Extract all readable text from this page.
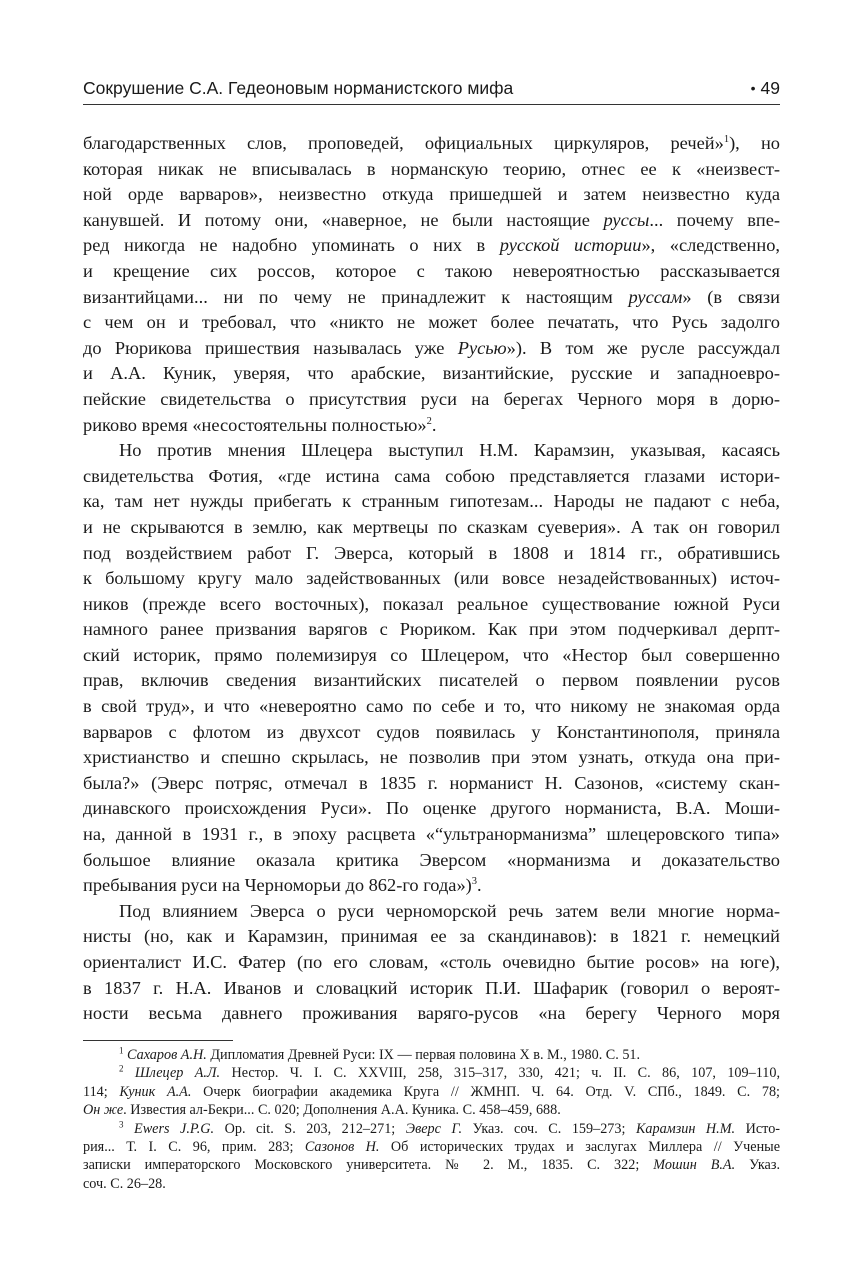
Сокрушение С.А. Гедеоновым норманистского мифа	• 49

благодарственных слов, проповедей, официальных циркуляров, речей»$^1$), но
которая никак не вписывалась в норманскую теорию, отнес ее к «неизвест-
ной орде варваров», неизвестно откуда пришедшей и затем неизвестно куда
канувшей. И потому они, «наверное, не были настоящие руссы... почему впе-
ред никогда не надобно упоминать о них в русской истории», «следственно,
и крещение сих россов, которое с такою невероятностью рассказывается
византийцами... ни по чему не принадлежит к настоящим руссам» (в связи
с чем он и требовал, что «никто не может более печатать, что Русь задолго
до Рюрикова пришествия называлась уже Русью»). В том же русле рассуждал
и А.А. Куник, уверяя, что арабские, византийские, русские и западноевро-
пейские свидетельства о присутствия руси на берегах Черного моря в дорю-
риково время «несостоятельны полностью»$^2$.

Но против мнения Шлецера выступил Н.М. Карамзин, указывая, касаясь
свидетельства Фотия, «где истина сама собою представляется глазами истори-
ка, там нет нужды прибегать к странным гипотезам... Народы не падают с неба,
и не скрываются в землю, как мертвецы по сказкам суеверия». А так он говорил
под воздействием работ Г. Эверса, который в 1808 и 1814 гг., обратившись
к большому кругу мало задействованных (или вовсе незадействованных) источ-
ников (прежде всего восточных), показал реальное существование южной Руси
намного ранее призвания варягов с Рюриком. Как при этом подчеркивал дерпт-
ский историк, прямо полемизируя со Шлецером, что «Нестор был совершенно
прав, включив сведения византийских писателей о первом появлении русов
в свой труд», и что «невероятно само по себе и то, что никому не знакомая орда
варваров с флотом из двухсот судов появилась у Константинополя, приняла
христианство и спешно скрылась, не позволив при этом узнать, откуда она при-
была?» (Эверс потряс, отмечал в 1835 г. норманист Н. Сазонов, «систему скан-
динавского происхождения Руси». По оценке другого норманиста, В.А. Моши-
на, данной в 1931 г., в эпоху расцвета «“ультранорманизма” шлецеровского типа»
большое влияние оказала критика Эверсом «норманизма и доказательство
пребывания руси на Черноморьи до 862-го года»)$^3$.

Под влиянием Эверса о руси черноморской речь затем вели многие норма-
нисты (но, как и Карамзин, принимая ее за скандинавов): в 1821 г. немецкий
ориенталист И.С. Фатер (по его словам, «столь очевидно бытие росов» на юге),
в 1837 г. Н.А. Иванов и словацкий историк П.И. Шафарик (говорил о вероят-
ности весьма давнего проживания варяго-русов «на берегу Черного моря

$^1$ Сахаров А.Н. Дипломатия Древней Руси: IX — первая половина X в. М., 1980. С. 51.
$^2$ Шлецер А.Л. Нестор. Ч. I. С. XXVIII, 258, 315–317, 330, 421; ч. II. С. 86, 107, 109–110,
114; Куник А.А. Очерк биографии академика Круга // ЖМНП. Ч. 64. Отд. V. СПб., 1849. С. 78;
Он же. Известия ал-Бекри... С. 020; Дополнения А.А. Куника. С. 458–459, 688.
$^3$ Ewers J.P.G. Op. cit. S. 203, 212–271; Эверс Г. Указ. соч. С. 159–273; Карамзин Н.М. Исто-
рия... Т. I. С. 96, прим. 283; Сазонов Н. Об исторических трудах и заслугах Миллера // Ученые
записки императорского Московского университета. № 2. М., 1835. С. 322; Мошин В.А. Указ.
соч. С. 26–28.
